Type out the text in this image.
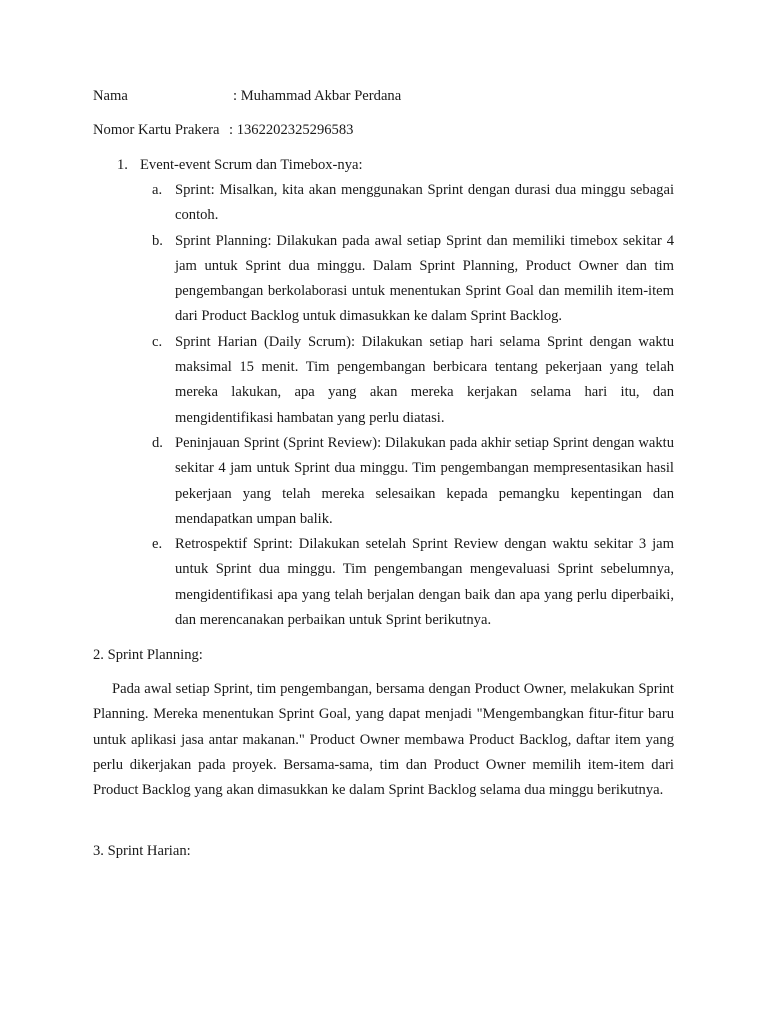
Nama	: Muhammad Akbar Perdana
Nomor Kartu Prakera : 1362202325296583
1. Event-event Scrum dan Timebox-nya:
a. Sprint: Misalkan, kita akan menggunakan Sprint dengan durasi dua minggu sebagai contoh.
b. Sprint Planning: Dilakukan pada awal setiap Sprint dan memiliki timebox sekitar 4 jam untuk Sprint dua minggu. Dalam Sprint Planning, Product Owner dan tim pengembangan berkolaborasi untuk menentukan Sprint Goal dan memilih item-item dari Product Backlog untuk dimasukkan ke dalam Sprint Backlog.
c. Sprint Harian (Daily Scrum): Dilakukan setiap hari selama Sprint dengan waktu maksimal 15 menit. Tim pengembangan berbicara tentang pekerjaan yang telah mereka lakukan, apa yang akan mereka kerjakan selama hari itu, dan mengidentifikasi hambatan yang perlu diatasi.
d. Peninjauan Sprint (Sprint Review): Dilakukan pada akhir setiap Sprint dengan waktu sekitar 4 jam untuk Sprint dua minggu. Tim pengembangan mempresentasikan hasil pekerjaan yang telah mereka selesaikan kepada pemangku kepentingan dan mendapatkan umpan balik.
e. Retrospektif Sprint: Dilakukan setelah Sprint Review dengan waktu sekitar 3 jam untuk Sprint dua minggu. Tim pengembangan mengevaluasi Sprint sebelumnya, mengidentifikasi apa yang telah berjalan dengan baik dan apa yang perlu diperbaiki, dan merencanakan perbaikan untuk Sprint berikutnya.
2. Sprint Planning:
Pada awal setiap Sprint, tim pengembangan, bersama dengan Product Owner, melakukan Sprint Planning. Mereka menentukan Sprint Goal, yang dapat menjadi "Mengembangkan fitur-fitur baru untuk aplikasi jasa antar makanan." Product Owner membawa Product Backlog, daftar item yang perlu dikerjakan pada proyek. Bersama-sama, tim dan Product Owner memilih item-item dari Product Backlog yang akan dimasukkan ke dalam Sprint Backlog selama dua minggu berikutnya.
3. Sprint Harian:
